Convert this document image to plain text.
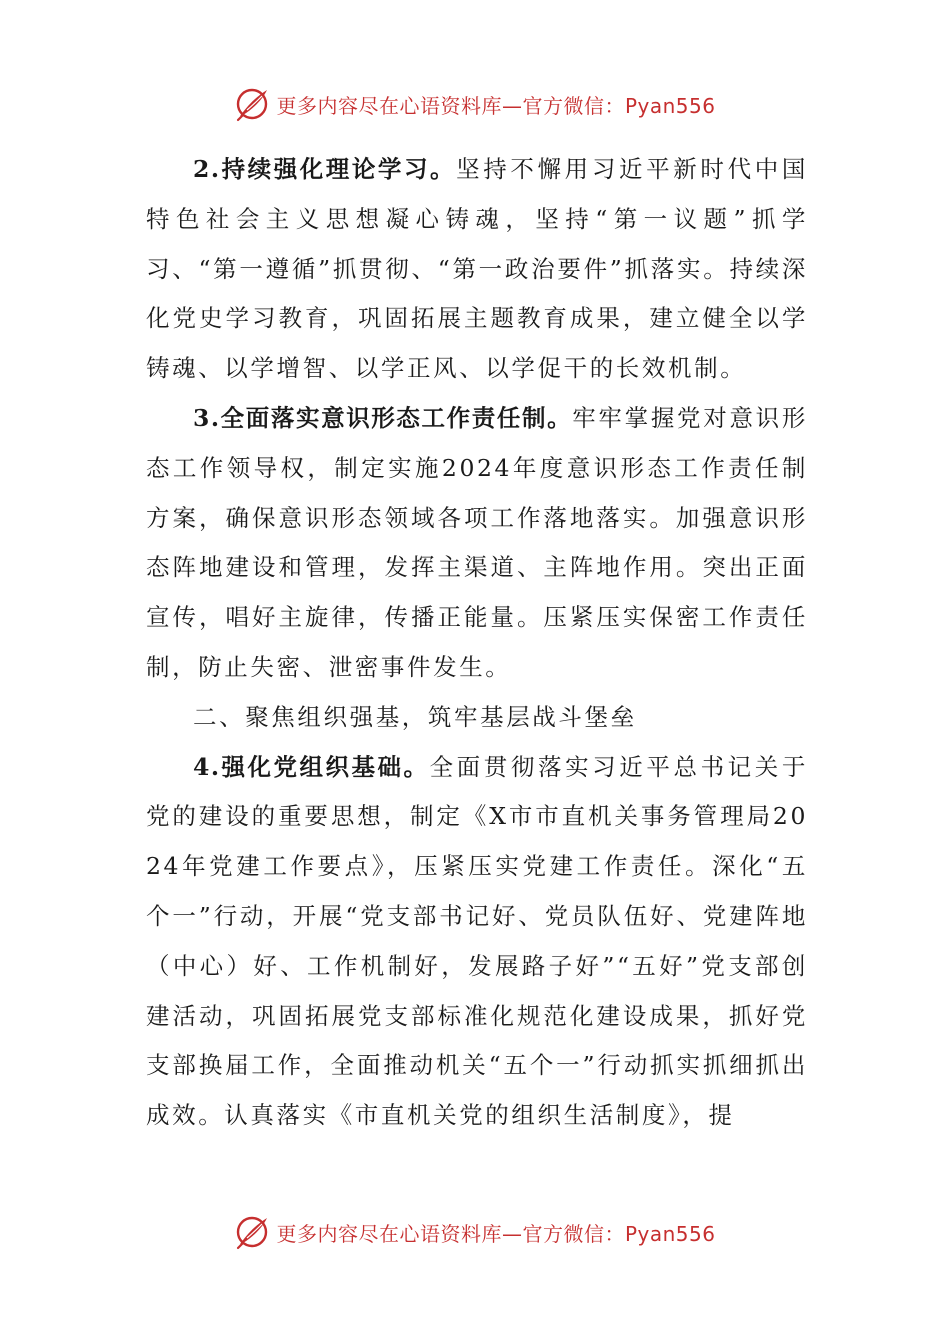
更多内容尽在心语资料库—官方微信：Pyan556

2.持续强化理论学习。坚持不懈用习近平新时代中国特色社会主义思想凝心铸魂，坚持“第一议题”抓学习、“第一遵循”抓贯彻、“第一政治要件”抓落实。持续深化党史学习教育，巩固拓展主题教育成果，建立健全以学铸魂、以学增智、以学正风、以学促干的长效机制。

3.全面落实意识形态工作责任制。牢牢掌握党对意识形态工作领导权，制定实施2024年度意识形态工作责任制方案，确保意识形态领域各项工作落地落实。加强意识形态阵地建设和管理，发挥主渠道、主阵地作用。突出正面宣传，唱好主旋律，传播正能量。压紧压实保密工作责任制，防止失密、泄密事件发生。

二、聚焦组织强基，筑牢基层战斗堡垒

4.强化党组织基础。全面贯彻落实习近平总书记关于党的建设的重要思想，制定《X市市直机关事务管理局2024年党建工作要点》，压紧压实党建工作责任。深化“五个一”行动，开展“党支部书记好、党员队伍好、党建阵地（中心）好、工作机制好，发展路子好”“五好”党支部创建活动，巩固拓展党支部标准化规范化建设成果，抓好党支部换届工作，全面推动机关“五个一”行动抓实抓细抓出成效。认真落实《市直机关党的组织生活制度》，提

更多内容尽在心语资料库—官方微信：Pyan556
